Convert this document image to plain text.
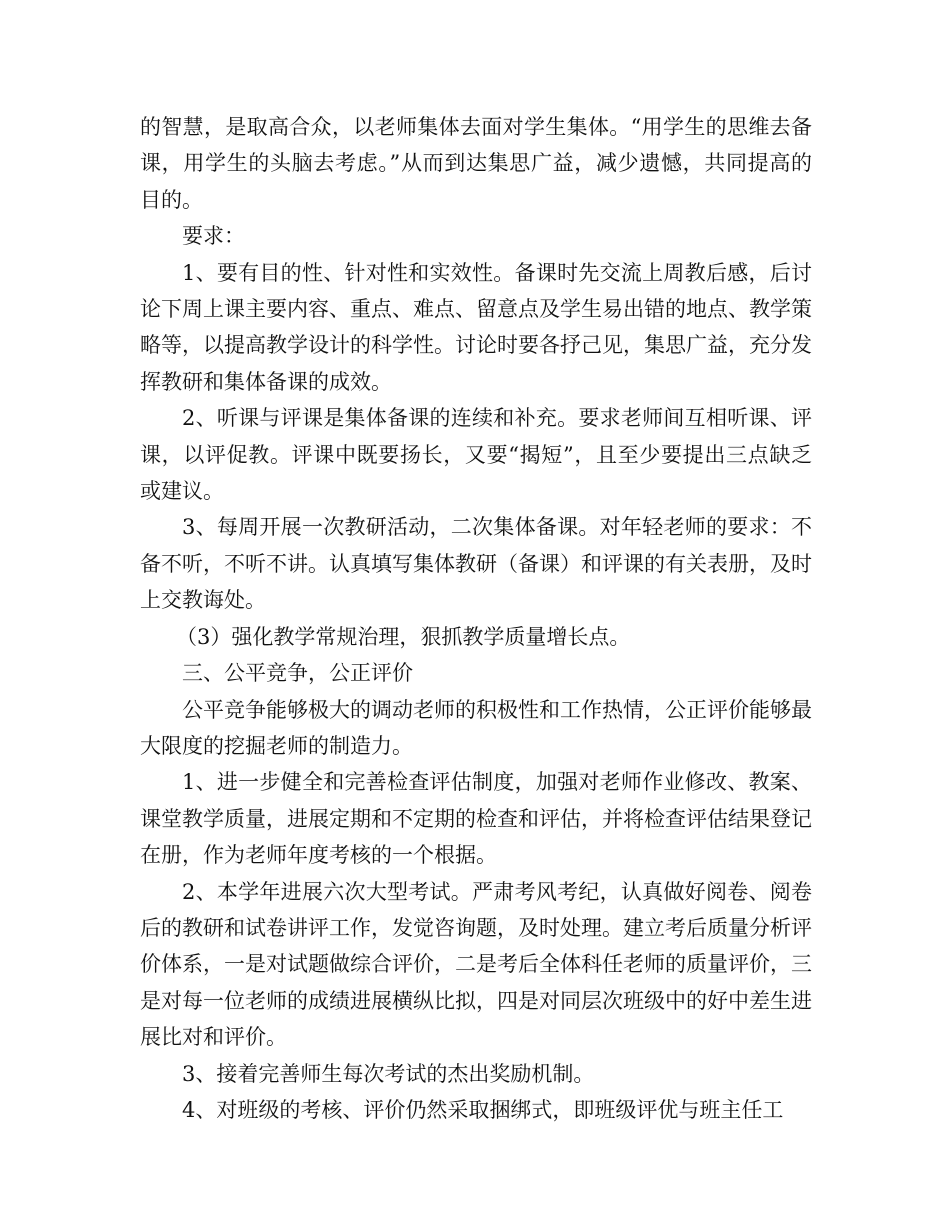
的智慧，是取高合众，以老师集体去面对学生集体。“用学生的思维去备课，用学生的头脑去考虑。”从而到达集思广益，减少遗憾，共同提高的目的。

要求：

1、要有目的性、针对性和实效性。备课时先交流上周教后感，后讨论下周上课主要内容、重点、难点、留意点及学生易出错的地点、教学策略等，以提高教学设计的科学性。讨论时要各抒己见，集思广益，充分发挥教研和集体备课的成效。

2、听课与评课是集体备课的连续和补充。要求老师间互相听课、评课，以评促教。评课中既要扬长，又要“揭短”，且至少要提出三点缺乏或建议。

3、每周开展一次教研活动，二次集体备课。对年轻老师的要求：不备不听，不听不讲。认真填写集体教研（备课）和评课的有关表册，及时上交教诲处。

（3）强化教学常规治理，狠抓教学质量增长点。

三、公平竞争，公正评价

公平竞争能够极大的调动老师的积极性和工作热情，公正评价能够最大限度的挖掘老师的制造力。

1、进一步健全和完善检查评估制度，加强对老师作业修改、教案、课堂教学质量，进展定期和不定期的检查和评估，并将检查评估结果登记在册，作为老师年度考核的一个根据。

2、本学年进展六次大型考试。严肃考风考纪，认真做好阅卷、阅卷后的教研和试卷讲评工作，发觉咨询题，及时处理。建立考后质量分析评价体系，一是对试题做综合评价，二是考后全体科任老师的质量评价，三是对每一位老师的成绩进展横纵比拟，四是对同层次班级中的好中差生进展比对和评价。

3、接着完善师生每次考试的杰出奖励机制。

4、对班级的考核、评价仍然采取捆绑式，即班级评优与班主任工
